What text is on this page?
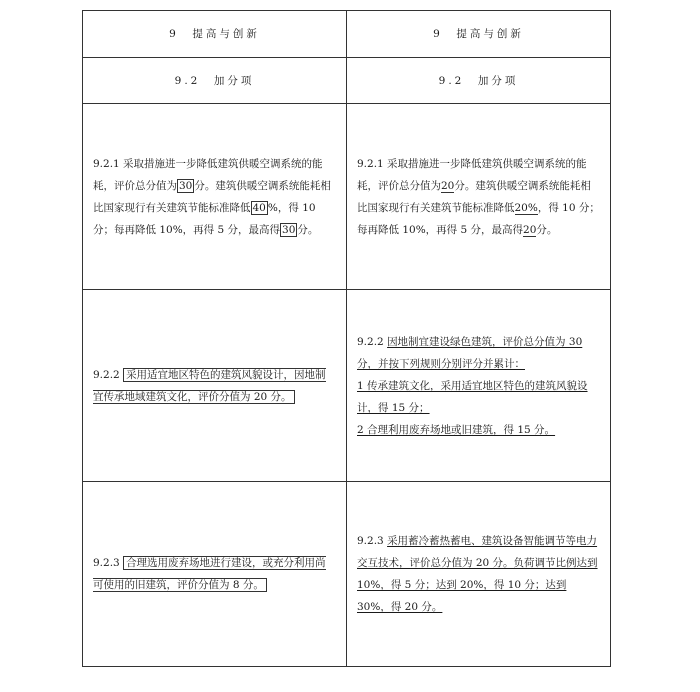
9　提高与创新	9　提高与创新
9.2　加分项	9.2　加分项

9.2.1 采取措施进一步降低建筑供暖空调系统的能耗，评价总分值为 30 分。建筑供暖空调系统能耗相比国家现行有关建筑节能标准降低 40 %，得 10 分；每再降低 10%，再得 5 分，最高得 30 分。	9.2.1 采取措施进一步降低建筑供暖空调系统的能耗，评价总分值为20分。建筑供暖空调系统能耗相比国家现行有关建筑节能标准降低20%，得 10 分；每再降低 10%，再得 5 分，最高得20分。

9.2.2 采用适宜地区特色的建筑风貌设计，因地制宜传承地域建筑文化，评价分值为 20 分。	9.2.2 因地制宜建设绿色建筑，评价总分值为 30 分，并按下列规则分别评分并累计：
1 传承建筑文化，采用适宜地区特色的建筑风貌设计，得 15 分；
2 合理利用废弃场地或旧建筑，得 15 分。

9.2.3 合理选用废弃场地进行建设，或充分利用尚可使用的旧建筑，评价分值为 8 分。	9.2.3 采用蓄冷蓄热蓄电、建筑设备智能调节等电力交互技术，评价总分值为 20 分。负荷调节比例达到 10%，得 5 分；达到 20%，得 10 分；达到 30%，得 20 分。
